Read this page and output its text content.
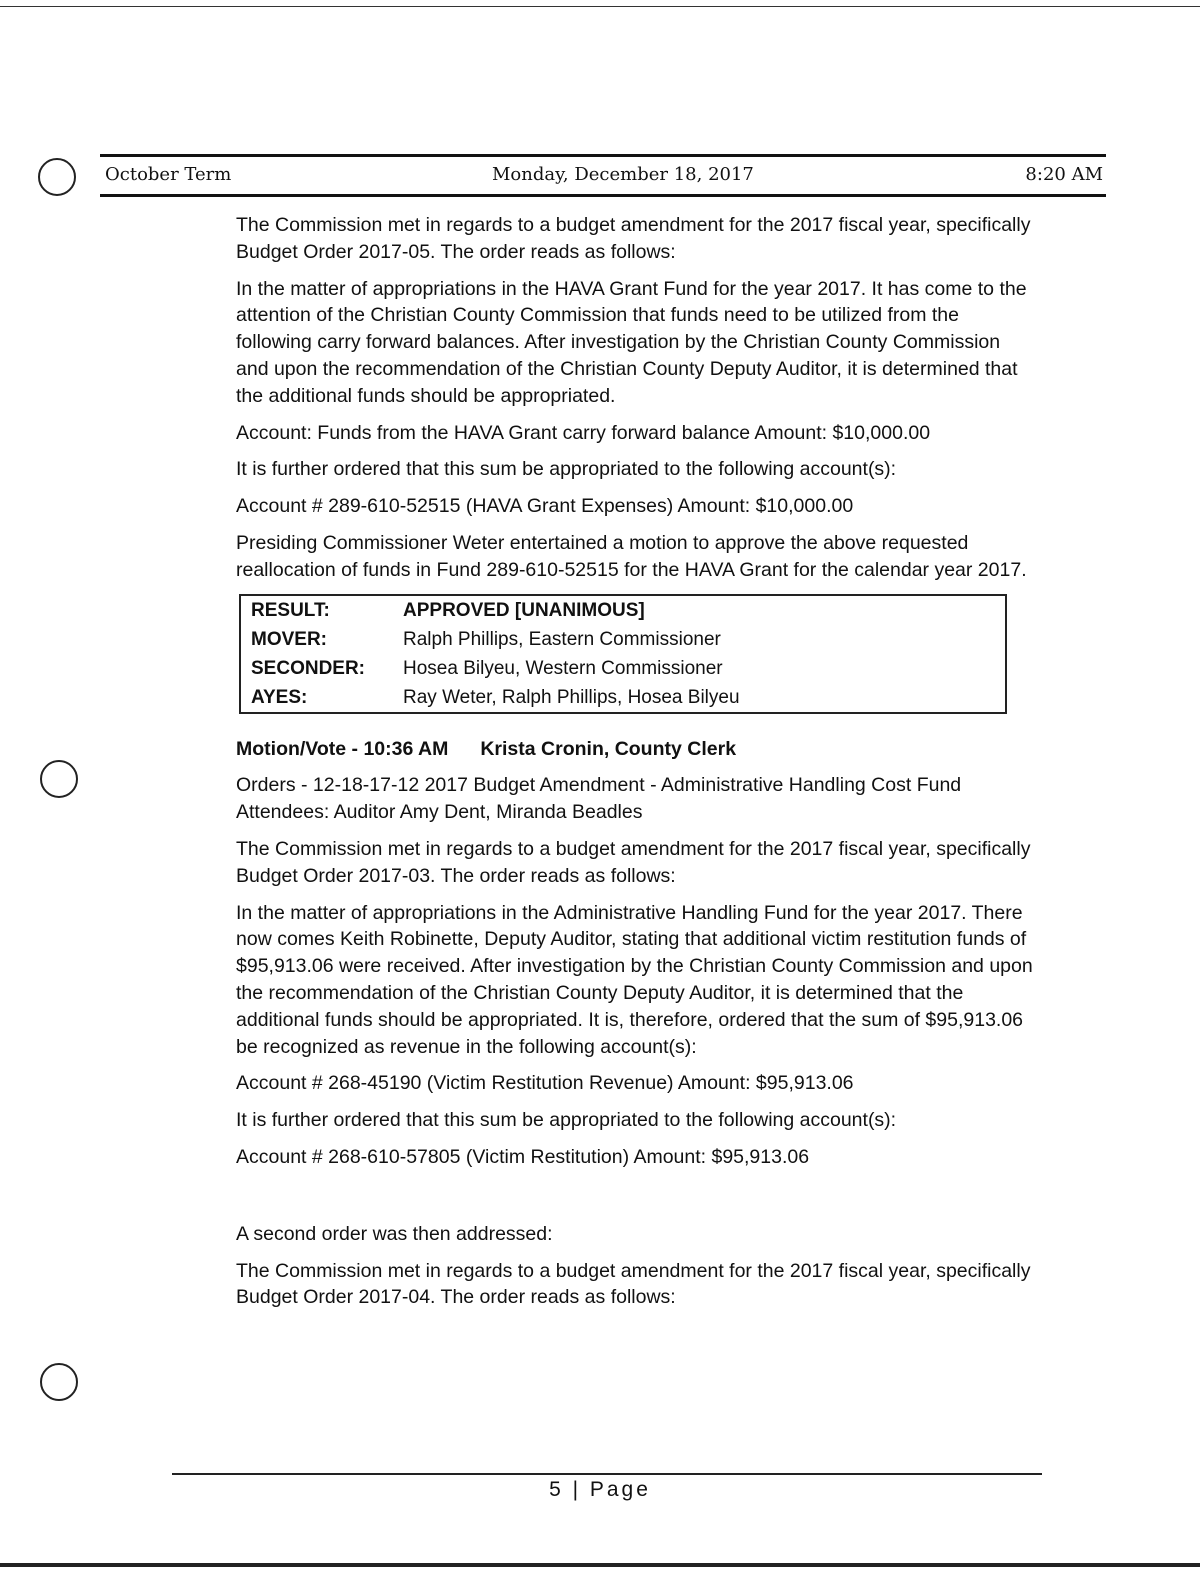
October Term	Monday, December 18, 2017	8:20 AM

The Commission met in regards to a budget amendment for the 2017 fiscal year, specifically Budget Order 2017-05. The order reads as follows:

In the matter of appropriations in the HAVA Grant Fund for the year 2017. It has come to the attention of the Christian County Commission that funds need to be utilized from the following carry forward balances. After investigation by the Christian County Commission and upon the recommendation of the Christian County Deputy Auditor, it is determined that the additional funds should be appropriated.

Account: Funds from the HAVA Grant carry forward balance Amount: $10,000.00

It is further ordered that this sum be appropriated to the following account(s):

Account # 289-610-52515 (HAVA Grant Expenses) Amount: $10,000.00

Presiding Commissioner Weter entertained a motion to approve the above requested reallocation of funds in Fund 289-610-52515 for the HAVA Grant for the calendar year 2017.

RESULT:	APPROVED [UNANIMOUS]
MOVER:	Ralph Phillips, Eastern Commissioner
SECONDER:	Hosea Bilyeu, Western Commissioner
AYES:	Ray Weter, Ralph Phillips, Hosea Bilyeu

Motion/Vote - 10:36 AM Krista Cronin, County Clerk

Orders - 12-18-17-12 2017 Budget Amendment - Administrative Handling Cost Fund

Attendees: Auditor Amy Dent, Miranda Beadles

The Commission met in regards to a budget amendment for the 2017 fiscal year, specifically Budget Order 2017-03. The order reads as follows:

In the matter of appropriations in the Administrative Handling Fund for the year 2017. There now comes Keith Robinette, Deputy Auditor, stating that additional victim restitution funds of $95,913.06 were received. After investigation by the Christian County Commission and upon the recommendation of the Christian County Deputy Auditor, it is determined that the additional funds should be appropriated. It is, therefore, ordered that the sum of $95,913.06 be recognized as revenue in the following account(s):

Account # 268-45190 (Victim Restitution Revenue) Amount: $95,913.06

It is further ordered that this sum be appropriated to the following account(s):

Account # 268-610-57805 (Victim Restitution) Amount: $95,913.06

A second order was then addressed:

The Commission met in regards to a budget amendment for the 2017 fiscal year, specifically Budget Order 2017-04. The order reads as follows:

5 | Page
